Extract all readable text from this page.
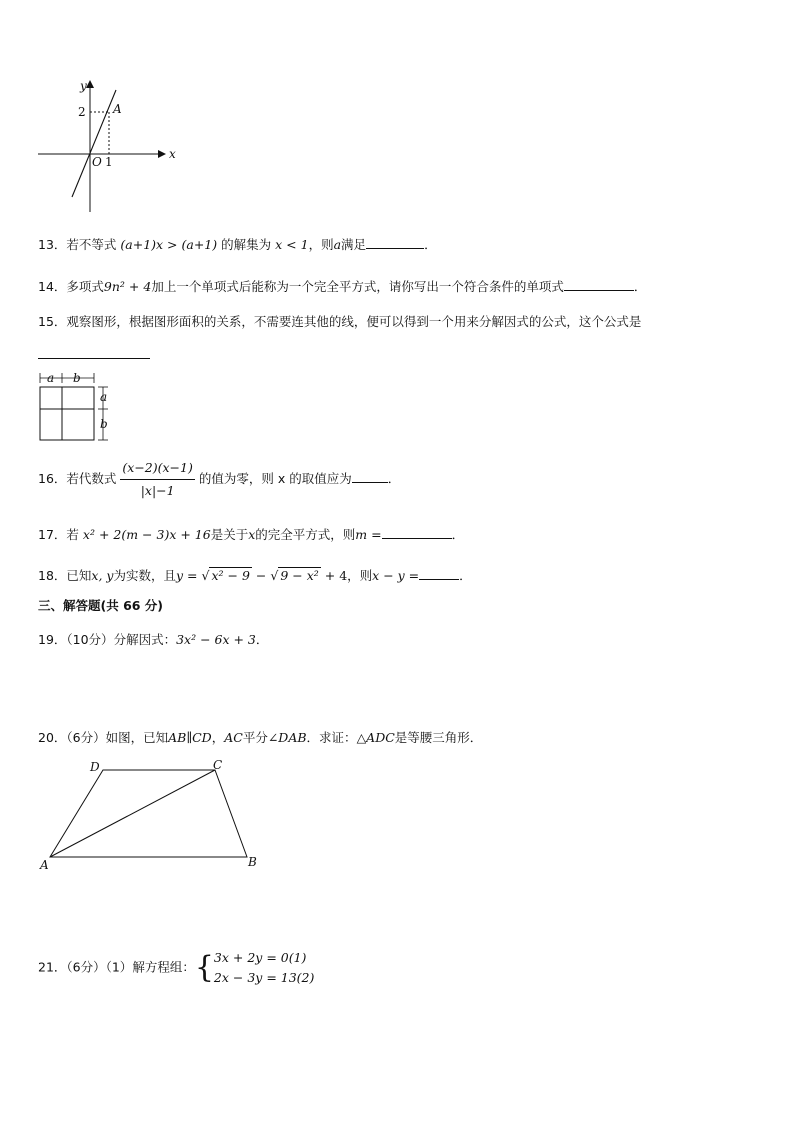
y
x
O
2
1
A
13．若不等式 (a+1)x > (a+1) 的解集为 x < 1，则a满足	．
14．多项式9n² + 4加上一个单项式后能称为一个完全平方式，请你写出一个符合条件的单项式	．
15．观察图形，根据图形面积的关系，不需要连其他的线，便可以得到一个用来分解因式的公式，这个公式是
a b
a
b
16．若代数式 $\frac{(x-2)(x-1)}{|x|-1}$ 的值为零，则 x 的取值应为	．
17．若 x² + 2(m − 3)x + 16是关于x的完全平方式，则m =	．
18．已知x, y为实数，且y = √ x² − 9 − √ 9 − x² + 4，则x − y =	．
三、解答题(共 66 分)
19．（10分）分解因式：3x² − 6x + 3．
20．（6分）如图，已知AB∥CD，AC平分∠DAB．求证：△ADC是等腰三角形．
A	B
C
D
21．（6分）（1）解方程组：{3x + 2y = 0(1)
2x − 3y = 13(2)
